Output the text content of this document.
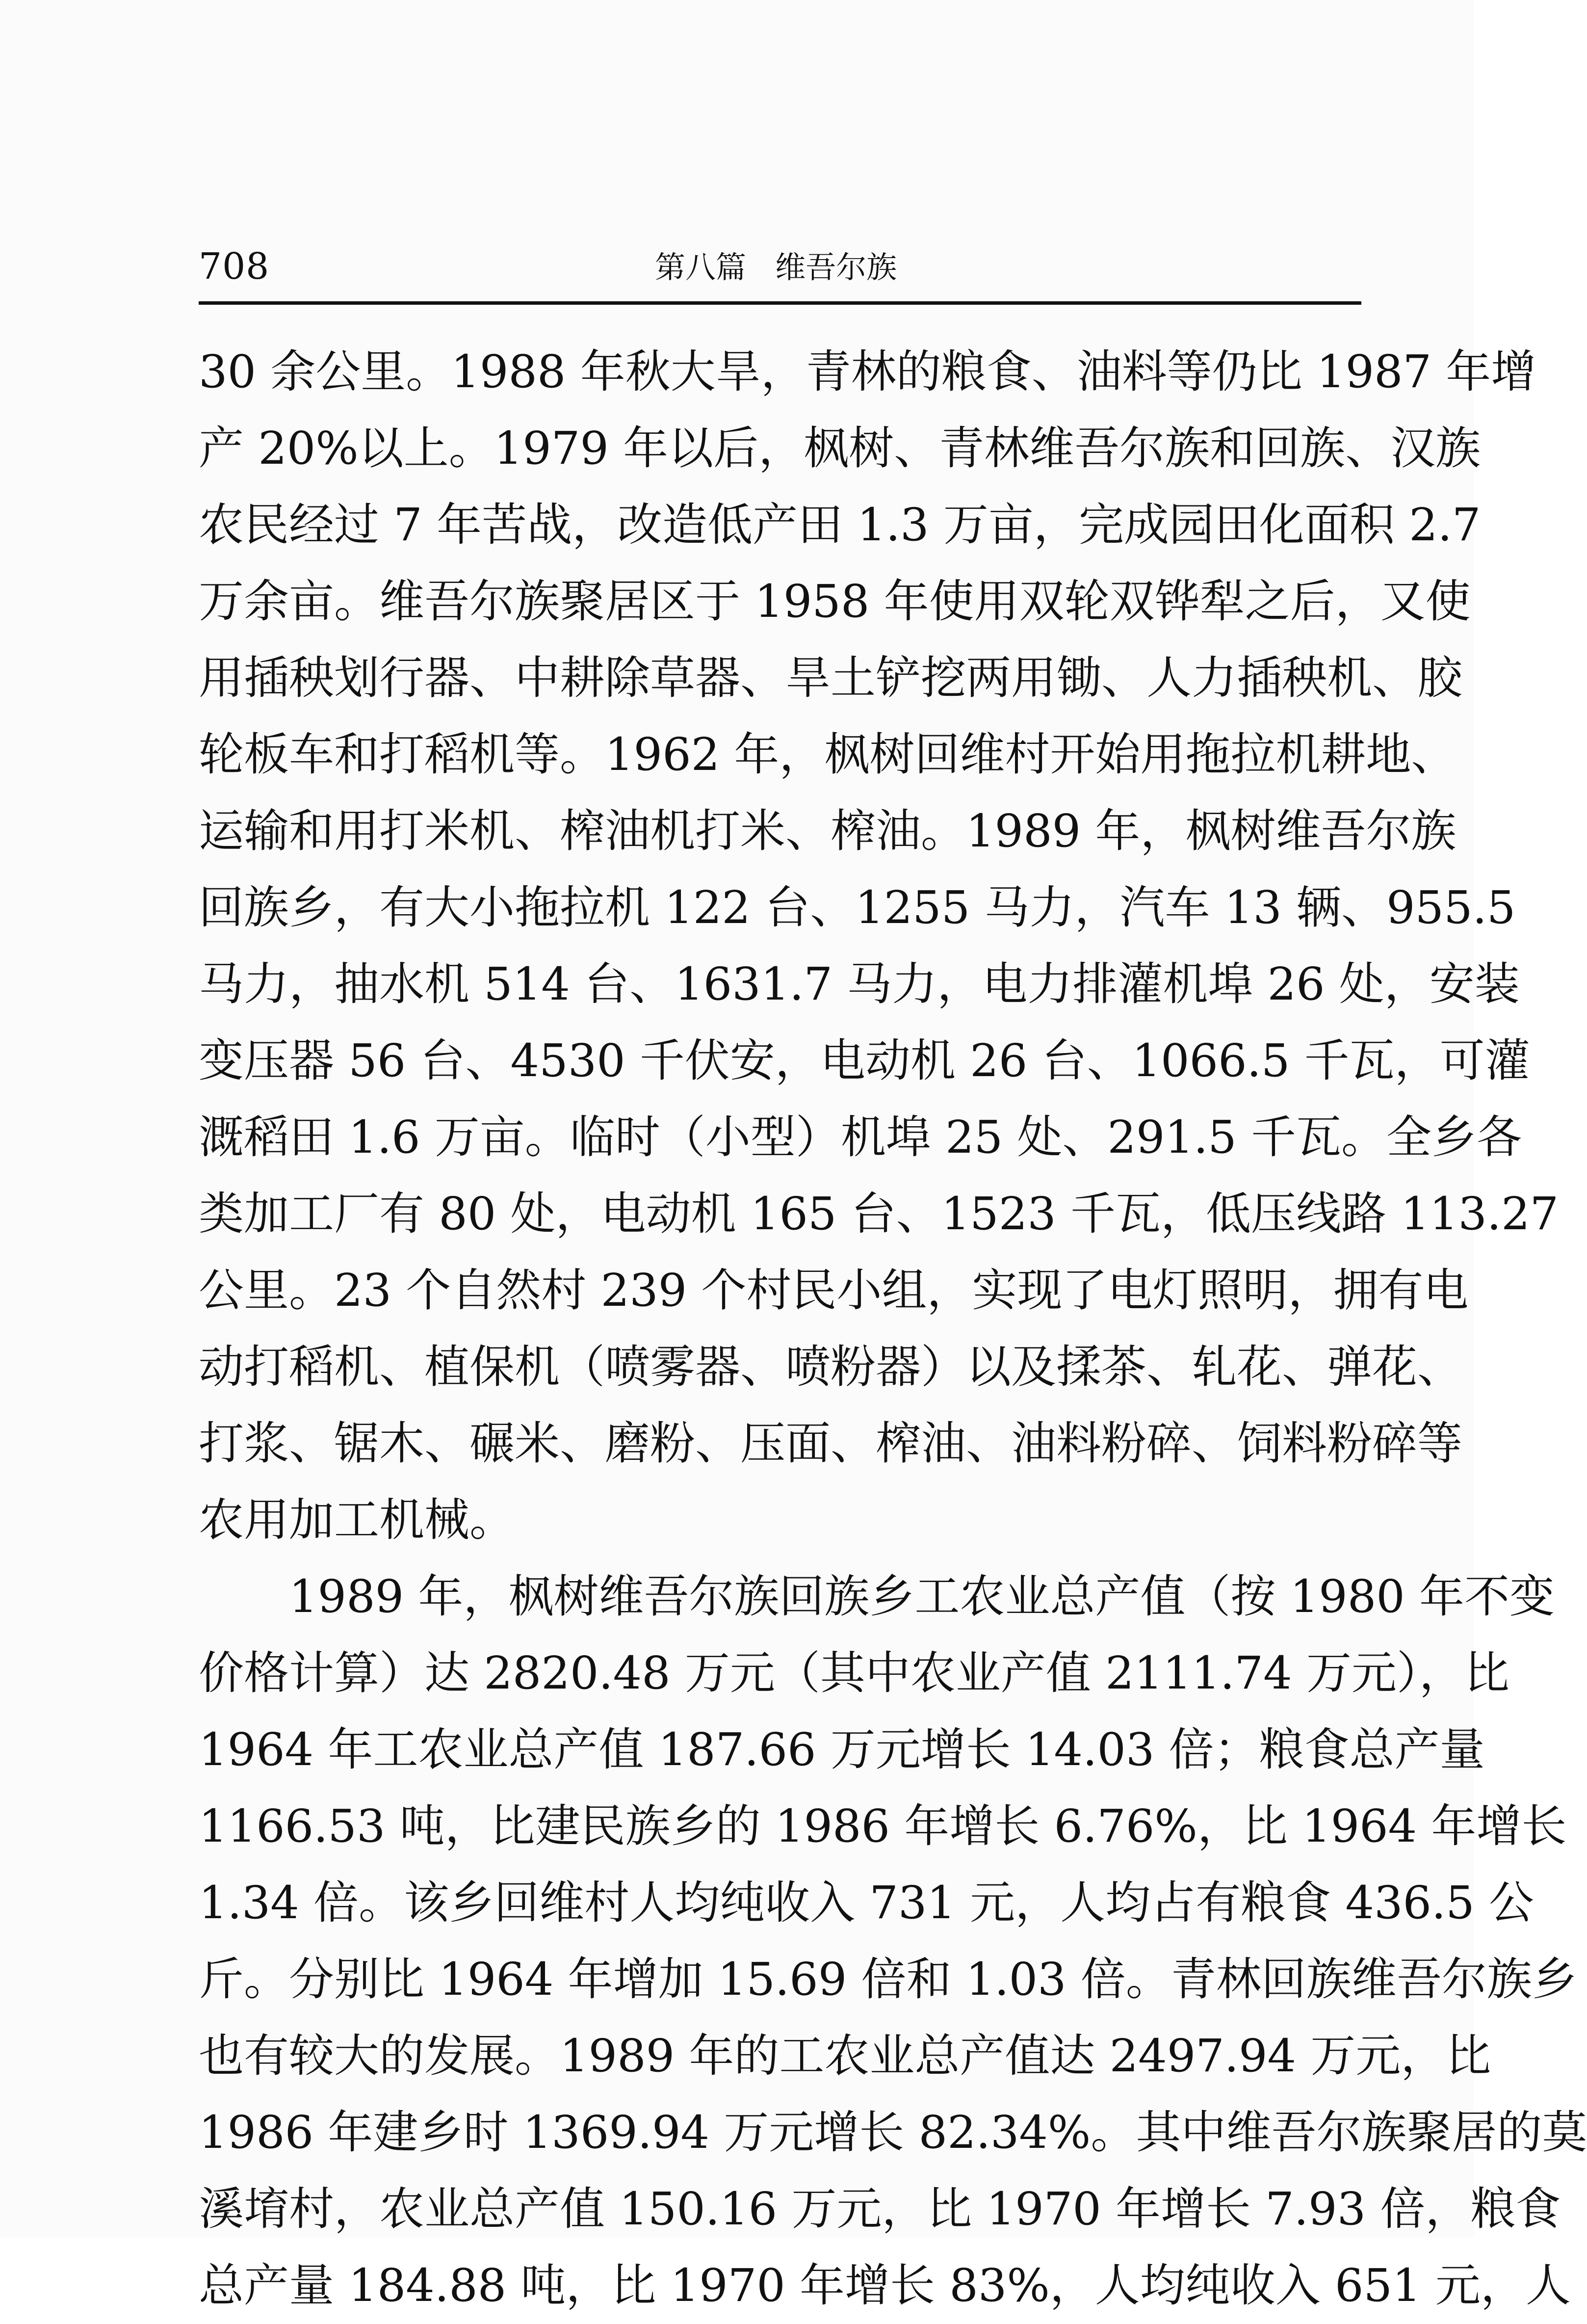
708	第八篇   维吾尔族
30 余公里。1988 年秋大旱，青林的粮食、油料等仍比 1987 年增
产 20%以上。1979 年以后，枫树、青林维吾尔族和回族、汉族
农民经过 7 年苦战，改造低产田 1.3 万亩，完成园田化面积 2.7
万余亩。维吾尔族聚居区于 1958 年使用双轮双铧犁之后，又使
用插秧划行器、中耕除草器、旱土铲挖两用锄、人力插秧机、胶
轮板车和打稻机等。1962 年，枫树回维村开始用拖拉机耕地、
运输和用打米机、榨油机打米、榨油。1989 年，枫树维吾尔族
回族乡，有大小拖拉机 122 台、1255 马力，汽车 13 辆、955.5
马力，抽水机 514 台、1631.7 马力，电力排灌机埠 26 处，安装
变压器 56 台、4530 千伏安，电动机 26 台、1066.5 千瓦，可灌
溉稻田 1.6 万亩。临时（小型）机埠 25 处、291.5 千瓦。全乡各
类加工厂有 80 处，电动机 165 台、1523 千瓦，低压线路 113.27
公里。23 个自然村 239 个村民小组，实现了电灯照明，拥有电
动打稻机、植保机（喷雾器、喷粉器）以及揉茶、轧花、弹花、
打浆、锯木、碾米、磨粉、压面、榨油、油料粉碎、饲料粉碎等
农用加工机械。
1989 年，枫树维吾尔族回族乡工农业总产值（按 1980 年不变
价格计算）达 2820.48 万元（其中农业产值 2111.74 万元），比
1964 年工农业总产值 187.66 万元增长 14.03 倍；粮食总产量
1166.53 吨，比建民族乡的 1986 年增长 6.76%，比 1964 年增长
1.34 倍。该乡回维村人均纯收入 731 元，人均占有粮食 436.5 公
斤。分别比 1964 年增加 15.69 倍和 1.03 倍。青林回族维吾尔族乡
也有较大的发展。1989 年的工农业总产值达 2497.94 万元，比
1986 年建乡时 1369.94 万元增长 82.34%。其中维吾尔族聚居的莫
溪堉村，农业总产值 150.16 万元，比 1970 年增长 7.93 倍，粮食
总产量 184.88 吨，比 1970 年增长 83%，人均纯收入 651 元，人
